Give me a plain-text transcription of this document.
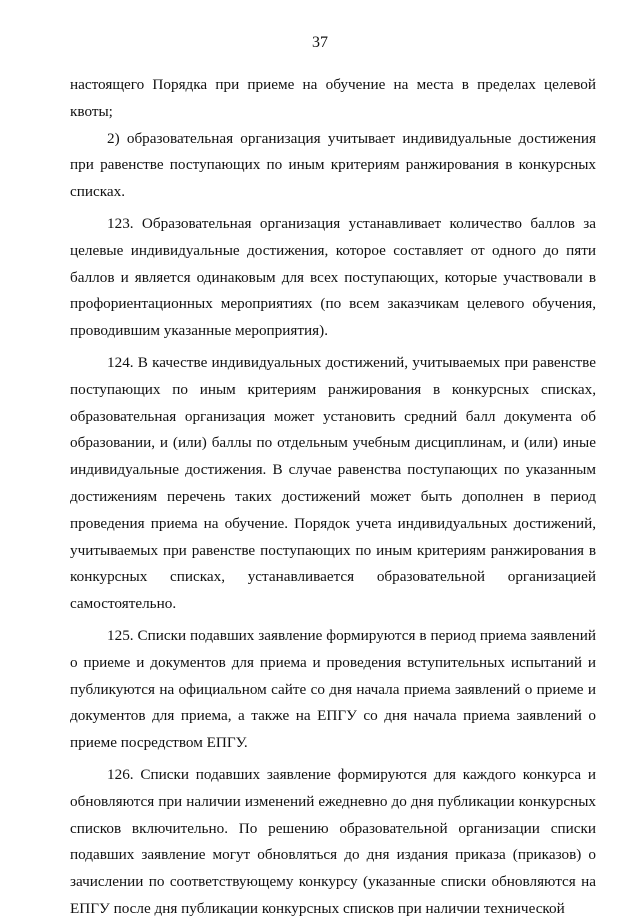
37

настоящего Порядка при приеме на обучение на места в пределах целевой квоты;

2) образовательная организация учитывает индивидуальные достижения при равенстве поступающих по иным критериям ранжирования в конкурсных списках.

123. Образовательная организация устанавливает количество баллов за целевые индивидуальные достижения, которое составляет от одного до пяти баллов и является одинаковым для всех поступающих, которые участвовали в профориентационных мероприятиях (по всем заказчикам целевого обучения, проводившим указанные мероприятия).

124. В качестве индивидуальных достижений, учитываемых при равенстве поступающих по иным критериям ранжирования в конкурсных списках, образовательная организация может установить средний балл документа об образовании, и (или) баллы по отдельным учебным дисциплинам, и (или) иные индивидуальные достижения. В случае равенства поступающих по указанным достижениям перечень таких достижений может быть дополнен в период проведения приема на обучение. Порядок учета индивидуальных достижений, учитываемых при равенстве поступающих по иным критериям ранжирования в конкурсных списках, устанавливается образовательной организацией самостоятельно.

125. Списки подавших заявление формируются в период приема заявлений о приеме и документов для приема и проведения вступительных испытаний и публикуются на официальном сайте со дня начала приема заявлений о приеме и документов для приема, а также на ЕПГУ со дня начала приема заявлений о приеме посредством ЕПГУ.

126. Списки подавших заявление формируются для каждого конкурса и обновляются при наличии изменений ежедневно до дня публикации конкурсных списков включительно. По решению образовательной организации списки подавших заявление могут обновляться до дня издания приказа (приказов) о зачислении по соответствующему конкурсу (указанные списки обновляются на ЕПГУ после дня публикации конкурсных списков при наличии технической
